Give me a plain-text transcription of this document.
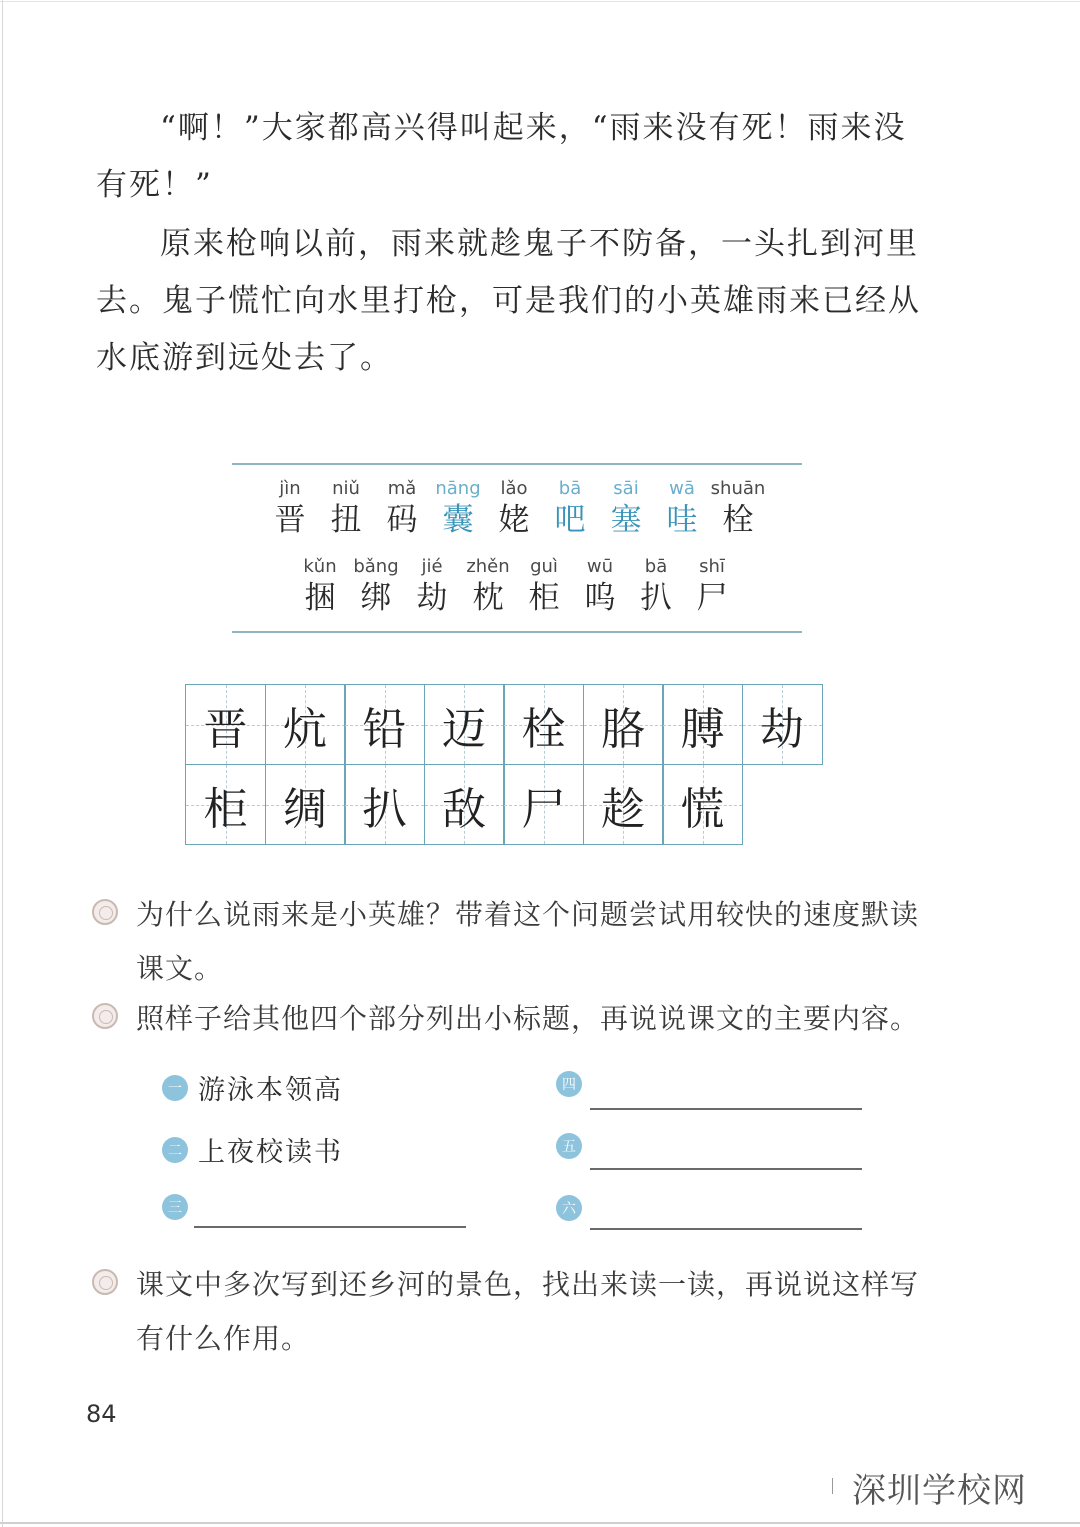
“啊！”大家都高兴得叫起来，“雨来没有死！雨来没
有死！”
原来枪响以前，雨来就趁鬼子不防备，一头扎到河里
去。鬼子慌忙向水里打枪，可是我们的小英雄雨来已经从
水底游到远处去了。
jìn
晋
niǔ
扭
mǎ
码
nāng
囊
lǎo
姥
bā
吧
sāi
塞
wā
哇
shuān
栓
kǔn
捆
bǎng
绑
jié
劫
zhěn
枕
guì
柜
wū
呜
bā
扒
shī
尸
晋 炕 铅 迈 栓 胳 膊 劫
柜 绸 扒 敌 尸 趁 慌
为什么说雨来是小英雄？带着这个问题尝试用较快的速度默读
课文。
照样子给其他四个部分列出小标题，再说说课文的主要内容。
一 游泳本领高
二 上夜校读书
三
四
五
六
课文中多次写到还乡河的景色，找出来读一读，再说说这样写
有什么作用。
84
深圳学校网
